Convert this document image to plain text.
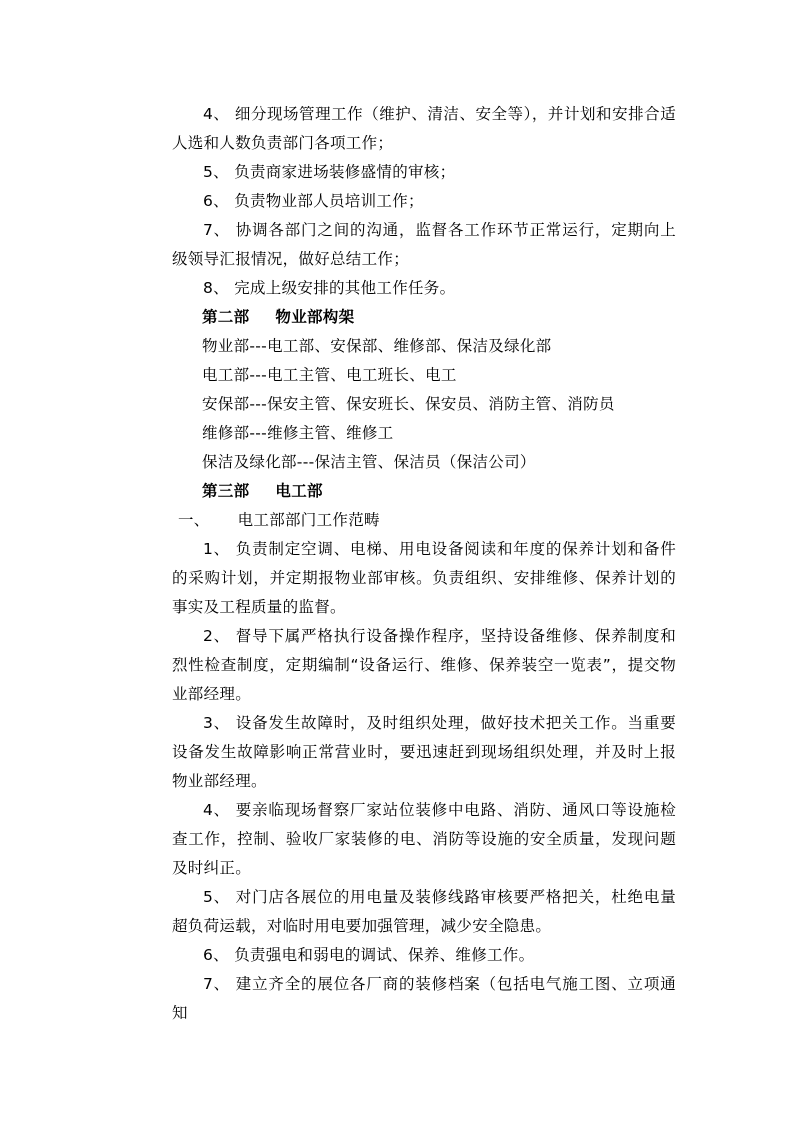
4、 细分现场管理工作（维护、清洁、安全等），并计划和安排合适人选和人数负责部门各项工作；

5、 负责商家进场装修盛情的审核；

6、 负责物业部人员培训工作；

7、 协调各部门之间的沟通，监督各工作环节正常运行，定期向上级领导汇报情况，做好总结工作；

8、 完成上级安排的其他工作任务。

第二部 物业部构架

物业部---电工部、安保部、维修部、保洁及绿化部

电工部---电工主管、电工班长、电工

安保部---保安主管、保安班长、保安员、消防主管、消防员

维修部---维修主管、维修工

保洁及绿化部---保洁主管、保洁员（保洁公司）

第三部 电工部

一、 电工部部门工作范畴

1、 负责制定空调、电梯、用电设备阅读和年度的保养计划和备件的采购计划，并定期报物业部审核。负责组织、安排维修、保养计划的事实及工程质量的监督。

2、 督导下属严格执行设备操作程序，坚持设备维修、保养制度和烈性检查制度，定期编制“设备运行、维修、保养装空一览表”，提交物业部经理。

3、 设备发生故障时，及时组织处理，做好技术把关工作。当重要设备发生故障影响正常营业时，要迅速赶到现场组织处理，并及时上报物业部经理。

4、 要亲临现场督察厂家站位装修中电路、消防、通风口等设施检查工作，控制、验收厂家装修的电、消防等设施的安全质量，发现问题及时纠正。

5、 对门店各展位的用电量及装修线路审核要严格把关，杜绝电量超负荷运载，对临时用电要加强管理，减少安全隐患。

6、 负责强电和弱电的调试、保养、维修工作。

7、 建立齐全的展位各厂商的装修档案（包括电气施工图、立项通知
